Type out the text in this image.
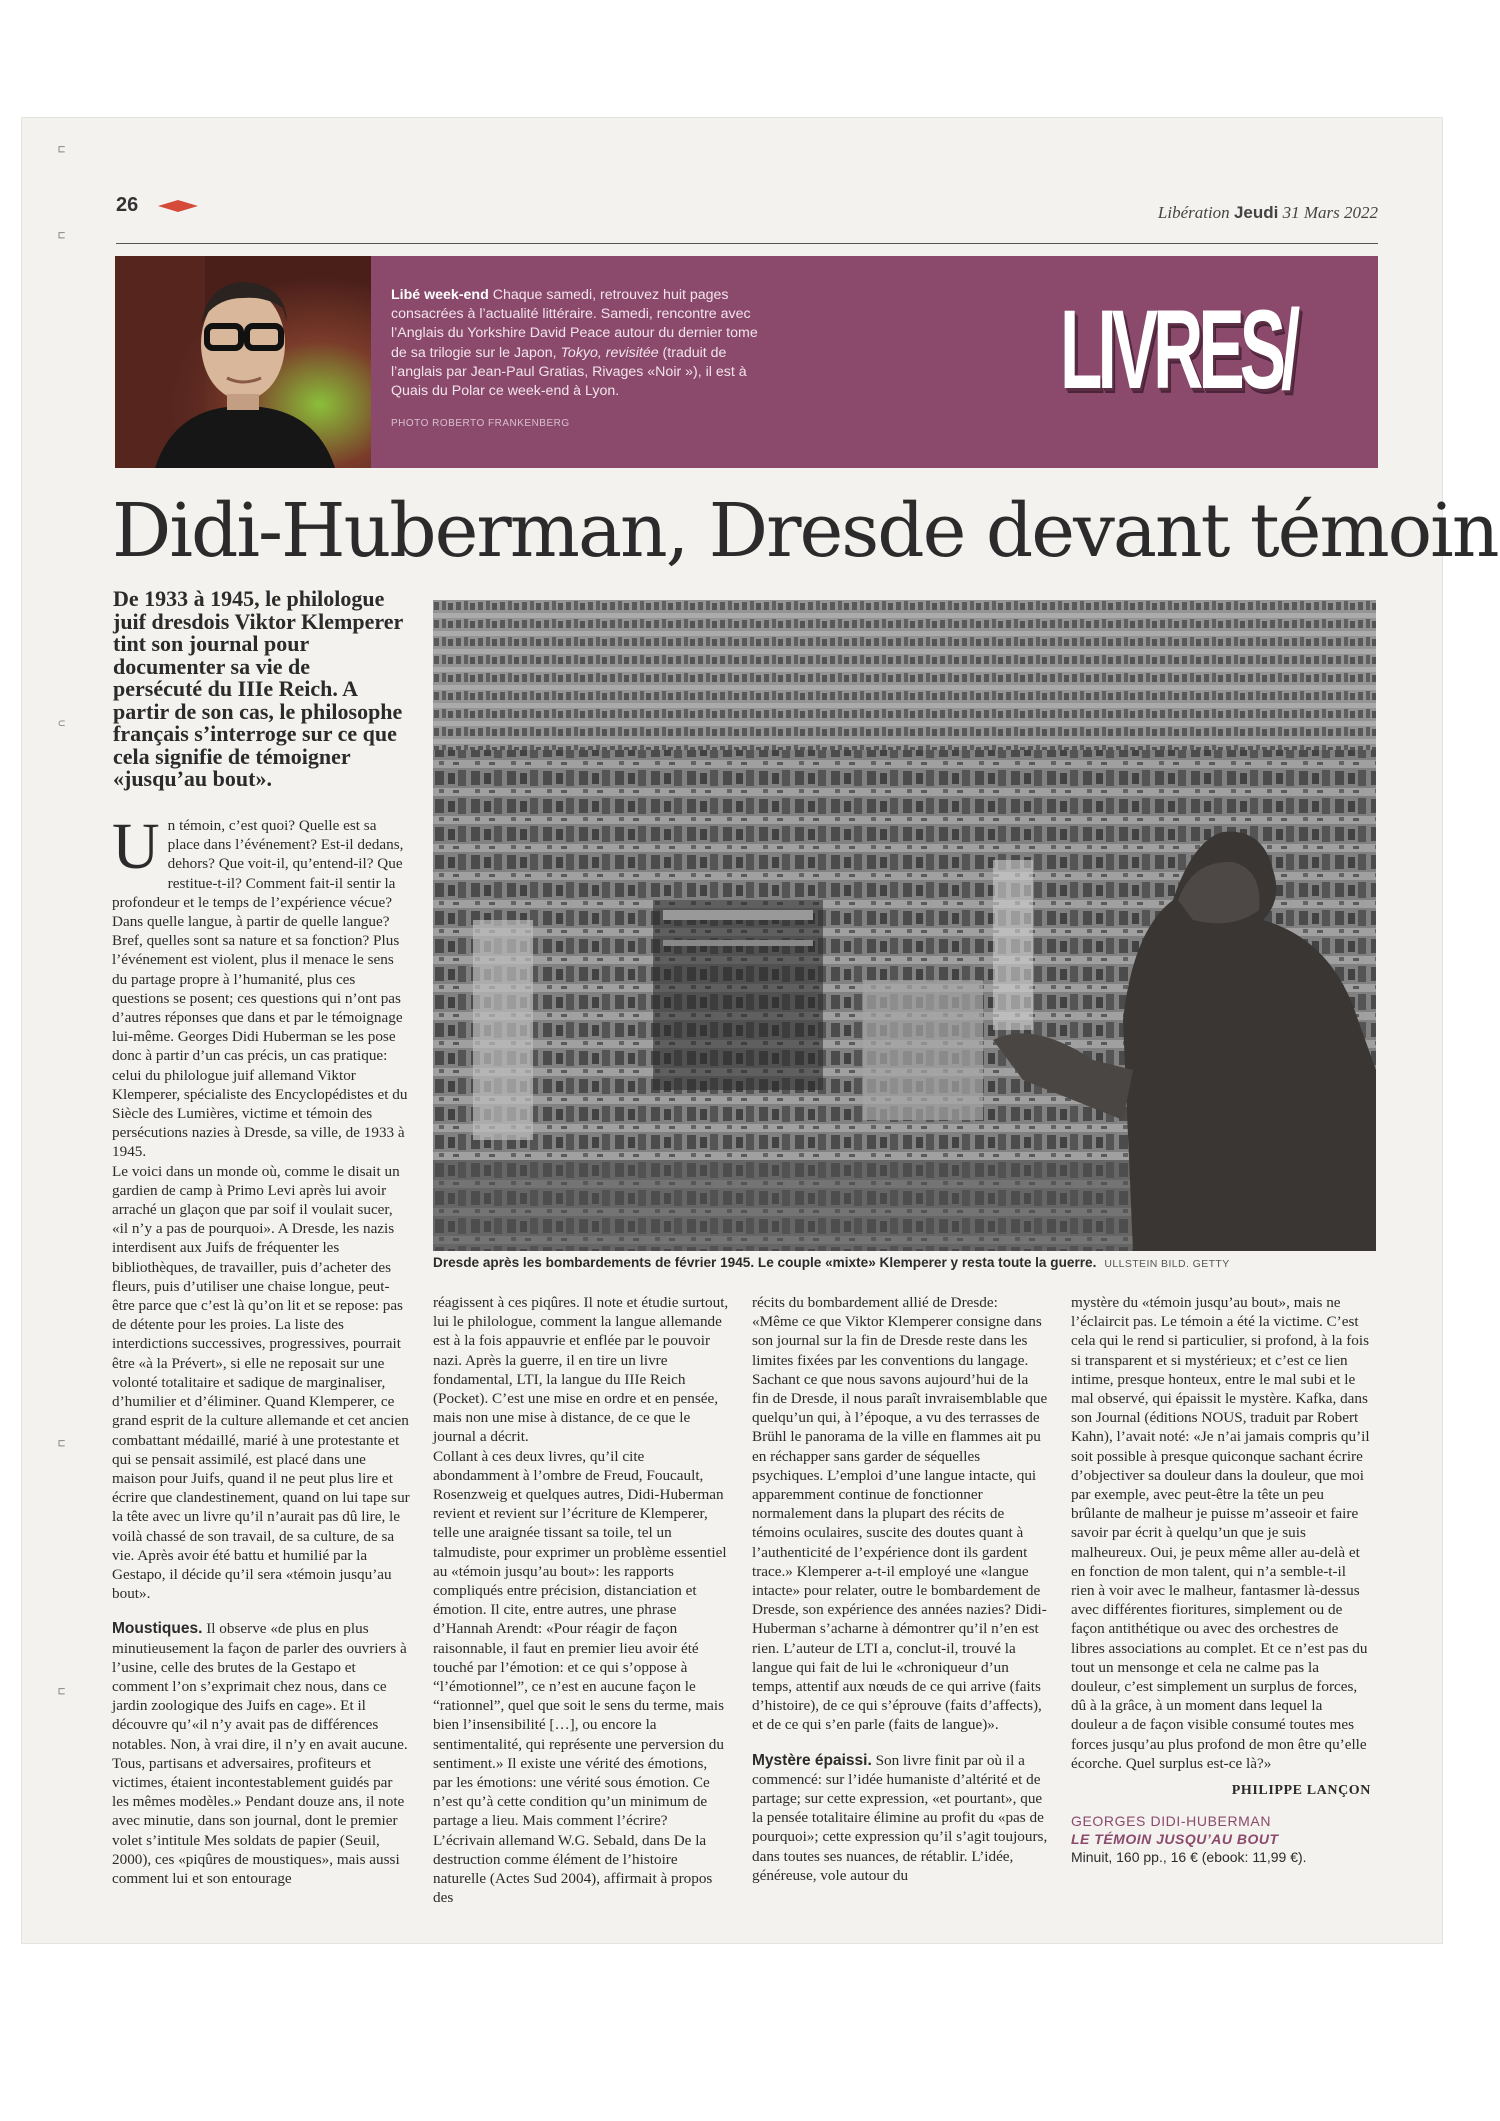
⊏
⊏
⊂
⊏
⊏
26	Libération Jeudi 31 Mars 2022
Libé week-end Chaque samedi, retrouvez huit pages consacrées à l’actualité littéraire. Samedi, rencontre avec l’Anglais du Yorkshire David Peace autour du dernier tome de sa trilogie sur le Japon, Tokyo, revisitée (traduit de l’anglais par Jean-Paul Gratias, Rivages «Noir »), il est à Quais du Polar ce week-end à Lyon.
PHOTO ROBERTO FRANKENBERG
LIVRES/
Didi-Huberman, Dresde devant témoin
De 1933 à 1945, le philologue juif dresdois Viktor Klemperer tint son journal pour documenter sa vie de persécuté du IIIe Reich. A partir de son cas, le philosophe français s’interroge sur ce que cela signifie de témoigner «jusqu’au bout».
Dresde après les bombardements de février 1945. Le couple «mixte» Klemperer y resta toute la guerre. ULLSTEIN BILD. GETTY

Un témoin, c’est quoi? Quelle est sa place dans l’événement? Est-il dedans, dehors? Que voit-il, qu’entend-il? Que restitue-t-il? Comment fait-il sentir la profondeur et le temps de l’expérience vécue? Dans quelle langue, à partir de quelle langue? Bref, quelles sont sa nature et sa fonction? Plus l’événement est violent, plus il menace le sens du partage propre à l’humanité, plus ces questions se posent; ces questions qui n’ont pas d’autres réponses que dans et par le témoignage lui-même. Georges Didi Huberman se les pose donc à partir d’un cas précis, un cas pratique: celui du philologue juif allemand Viktor Klemperer, spécialiste des Encyclopédistes et du Siècle des Lumières, victime et témoin des persécutions nazies à Dresde, sa ville, de 1933 à 1945.

Le voici dans un monde où, comme le disait un gardien de camp à Primo Levi après lui avoir arraché un glaçon que par soif il voulait sucer, «il n’y a pas de pourquoi». A Dresde, les nazis interdisent aux Juifs de fréquenter les bibliothèques, de travailler, puis d’acheter des fleurs, puis d’utiliser une chaise longue, peut-être parce que c’est là qu’on lit et se repose: pas de détente pour les proies. La liste des interdictions successives, progressives, pourrait être «à la Prévert», si elle ne reposait sur une volonté totalitaire et sadique de marginaliser, d’humilier et d’éliminer. Quand Klemperer, ce grand esprit de la culture allemande et cet ancien combattant médaillé, marié à une protestante et qui se pensait assimilé, est placé dans une maison pour Juifs, quand il ne peut plus lire et écrire que clandestinement, quand on lui tape sur la tête avec un livre qu’il n’aurait pas dû lire, le voilà chassé de son travail, de sa culture, de sa vie. Après avoir été battu et humilié par la Gestapo, il décide qu’il sera «témoin jusqu’au bout».

Moustiques. Il observe «de plus en plus minutieusement la façon de parler des ouvriers à l’usine, celle des brutes de la Gestapo et comment l’on s’exprimait chez nous, dans ce jardin zoologique des Juifs en cage». Et il découvre qu’«il n’y avait pas de différences notables. Non, à vrai dire, il n’y en avait aucune. Tous, partisans et adversaires, profiteurs et victimes, étaient incontestablement guidés par les mêmes modèles.» Pendant douze ans, il note avec minutie, dans son journal, dont le premier volet s’intitule Mes soldats de papier (Seuil, 2000), ces «piqûres de moustiques», mais aussi comment lui et son entourage

réagissent à ces piqûres. Il note et étudie surtout, lui le philologue, comment la langue allemande est à la fois appauvrie et enflée par le pouvoir nazi. Après la guerre, il en tire un livre fondamental, LTI, la langue du IIIe Reich (Pocket). C’est une mise en ordre et en pensée, mais non une mise à distance, de ce que le journal a décrit.

Collant à ces deux livres, qu’il cite abondamment à l’ombre de Freud, Foucault, Rosenzweig et quelques autres, Didi-Huberman revient et revient sur l’écriture de Klemperer, telle une araignée tissant sa toile, tel un talmudiste, pour exprimer un problème essentiel au «témoin jusqu’au bout»: les rapports compliqués entre précision, distanciation et émotion. Il cite, entre autres, une phrase d’Hannah Arendt: «Pour réagir de façon raisonnable, il faut en premier lieu avoir été touché par l’émotion: et ce qui s’oppose à “l’émotionnel”, ce n’est en aucune façon le “rationnel”, quel que soit le sens du terme, mais bien l’insensibilité […], ou encore la sentimentalité, qui représente une perversion du sentiment.» Il existe une vérité des émotions, par les émotions: une vérité sous émotion. Ce n’est qu’à cette condition qu’un minimum de partage a lieu. Mais comment l’écrire?

L’écrivain allemand W.G. Sebald, dans De la destruction comme élément de l’histoire naturelle (Actes Sud 2004), affirmait à propos des

récits du bombardement allié de Dresde: «Même ce que Viktor Klemperer consigne dans son journal sur la fin de Dresde reste dans les limites fixées par les conventions du langage. Sachant ce que nous savons aujourd’hui de la fin de Dresde, il nous paraît invraisemblable que quelqu’un qui, à l’époque, a vu des terrasses de Brühl le panorama de la ville en flammes ait pu en réchapper sans garder de séquelles psychiques. L’emploi d’une langue intacte, qui apparemment continue de fonctionner normalement dans la plupart des récits de témoins oculaires, suscite des doutes quant à l’authenticité de l’expérience dont ils gardent trace.» Klemperer a-t-il employé une «langue intacte» pour relater, outre le bombardement de Dresde, son expérience des années nazies? Didi-Huberman s’acharne à démontrer qu’il n’en est rien. L’auteur de LTI a, conclut-il, trouvé la langue qui fait de lui le «chroniqueur d’un temps, attentif aux nœuds de ce qui arrive (faits d’histoire), de ce qui s’éprouve (faits d’affects), et de ce qui s’en parle (faits de langue)».

Mystère épaissi. Son livre finit par où il a commencé: sur l’idée humaniste d’altérité et de partage; sur cette expression, «et pourtant», que la pensée totalitaire élimine au profit du «pas de pourquoi»; cette expression qu’il s’agit toujours, dans toutes ses nuances, de rétablir. L’idée, généreuse, vole autour du

mystère du «témoin jusqu’au bout», mais ne l’éclaircit pas. Le témoin a été la victime. C’est cela qui le rend si particulier, si profond, à la fois si transparent et si mystérieux; et c’est ce lien intime, presque honteux, entre le mal subi et le mal observé, qui épaissit le mystère. Kafka, dans son Journal (éditions NOUS, traduit par Robert Kahn), l’avait noté: «Je n’ai jamais compris qu’il soit possible à presque quiconque sachant écrire d’objectiver sa douleur dans la douleur, que moi par exemple, avec peut-être la tête un peu brûlante de malheur je puisse m’asseoir et faire savoir par écrit à quelqu’un que je suis malheureux. Oui, je peux même aller au-delà et en fonction de mon talent, qui n’a semble-t-il rien à voir avec le malheur, fantasmer là-dessus avec différentes fioritures, simplement ou de façon antithétique ou avec des orchestres de libres associations au complet. Et ce n’est pas du tout un mensonge et cela ne calme pas la douleur, c’est simplement un surplus de forces, dû à la grâce, à un moment dans lequel la douleur a de façon visible consumé toutes mes forces jusqu’au plus profond de mon être qu’elle écorche. Quel surplus est-ce là?»

PHILIPPE LANÇON
GEORGES DIDI-HUBERMAN
LE TÉMOIN JUSQU’AU BOUT
Minuit, 160 pp., 16 € (ebook: 11,99 €).
